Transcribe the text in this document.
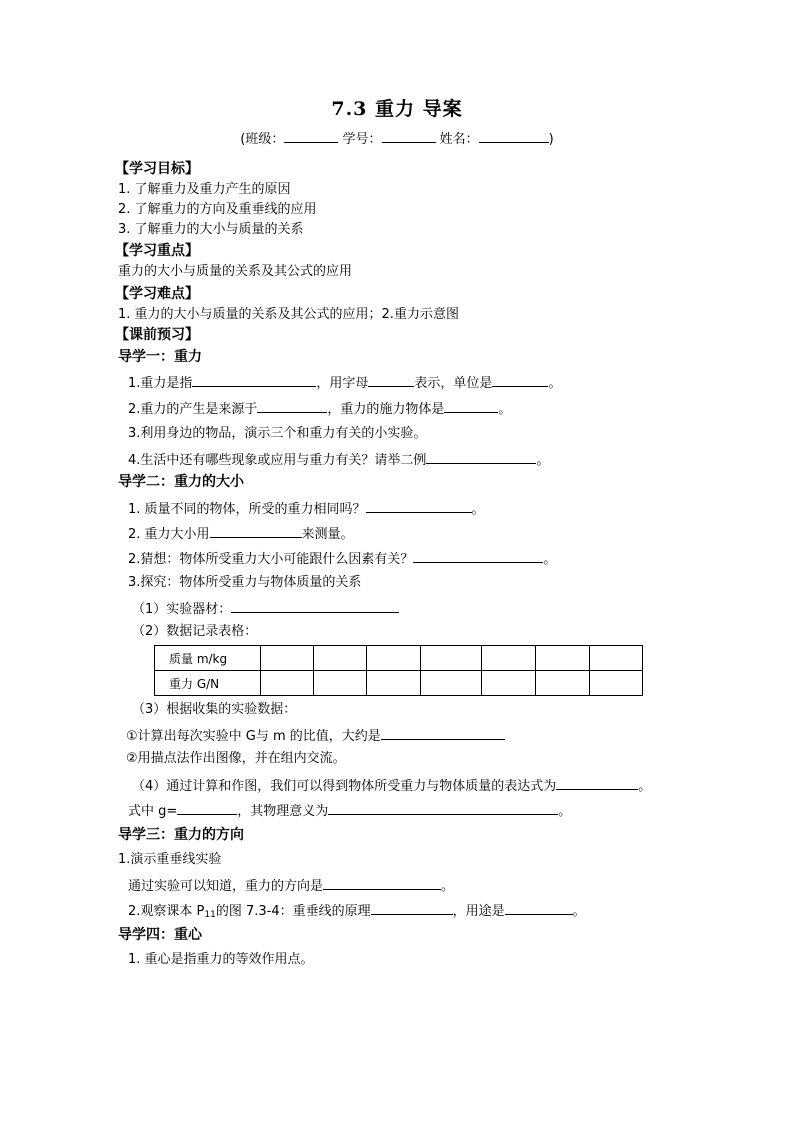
7.3 重力 导案
(班级：	学号：	姓名：	)
【学习目标】
1. 了解重力及重力产生的原因
2. 了解重力的方向及重垂线的应用
3. 了解重力的大小与质量的关系
【学习重点】
重力的大小与质量的关系及其公式的应用
【学习难点】
1. 重力的大小与质量的关系及其公式的应用；2.重力示意图
【课前预习】
导学一：重力
1.重力是指	，用字母	表示，单位是	。
2.重力的产生是来源于	，重力的施力物体是	。
3.利用身边的物品，演示三个和重力有关的小实验。
4.生活中还有哪些现象或应用与重力有关？请举二例	。
导学二：重力的大小
1. 质量不同的物体，所受的重力相同吗？	。
2. 重力大小用	来测量。
2.猜想：物体所受重力大小可能跟什么因素有关？	。
3.探究：物体所受重力与物体质量的关系
（1）实验器材：
（2）数据记录表格：
质量 m/kg							
重力 G/N							
（3）根据收集的实验数据：
①计算出每次实验中 G与 m 的比值，大约是
②用描点法作出图像，并在组内交流。
（4）通过计算和作图，我们可以得到物体所受重力与物体质量的表达式为	。
式中 g=	，其物理意义为	。
导学三：重力的方向
1.演示重垂线实验
通过实验可以知道，重力的方向是	。
2.观察课本 $P_{11}$的图 7.3-4：重垂线的原理	，用途是	。
导学四：重心
1. 重心是指重力的等效作用点。
